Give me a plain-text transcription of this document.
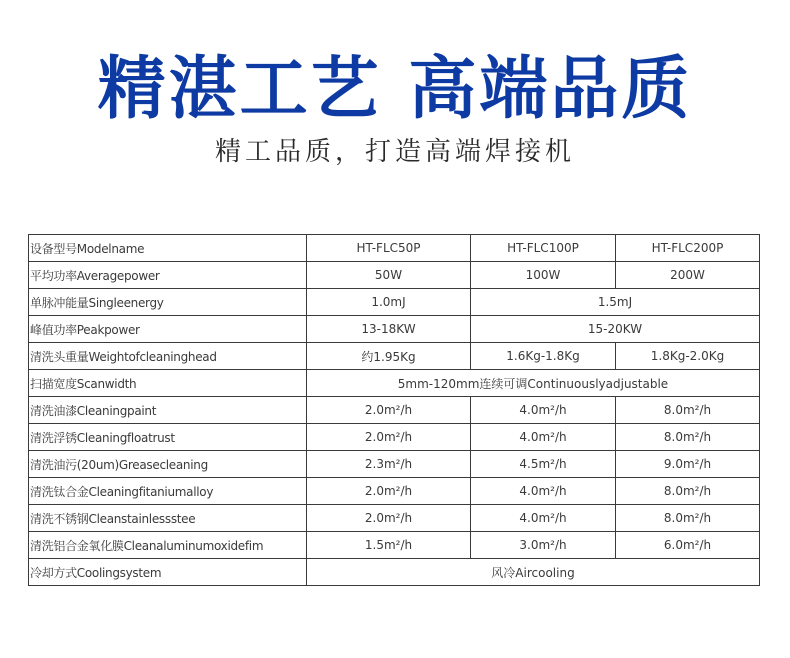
精湛工艺 高端品质
精工品质，打造高端焊接机
设备型号Modelname	HT-FLC50P	HT-FLC100P	HT-FLC200P
平均功率Averagepower	50W	100W	200W
单脉冲能量Singleenergy	1.0mJ	1.5mJ	
峰值功率Peakpower	13-18KW	15-20KW	
清洗头重量Weightofcleaninghead	约1.95Kg	1.6Kg-1.8Kg	1.8Kg-2.0Kg
扫描宽度Scanwidth	5mm-120mm连续可调Continuouslyadjustable		
清洗油漆Cleaningpaint	2.0m²/h	4.0m²/h	8.0m²/h
清洗浮锈Cleaningfloatrust	2.0m²/h	4.0m²/h	8.0m²/h
清洗油污(20um)Greasecleaning	2.3m²/h	4.5m²/h	9.0m²/h
清洗钛合金Cleaningfitaniumalloy	2.0m²/h	4.0m²/h	8.0m²/h
清洗不锈钢Cleanstainlessstee	2.0m²/h	4.0m²/h	8.0m²/h
清洗铝合金氧化膜Cleanaluminumoxidefim	1.5m²/h	3.0m²/h	6.0m²/h
冷却方式Coolingsystem	风冷Aircooling		
